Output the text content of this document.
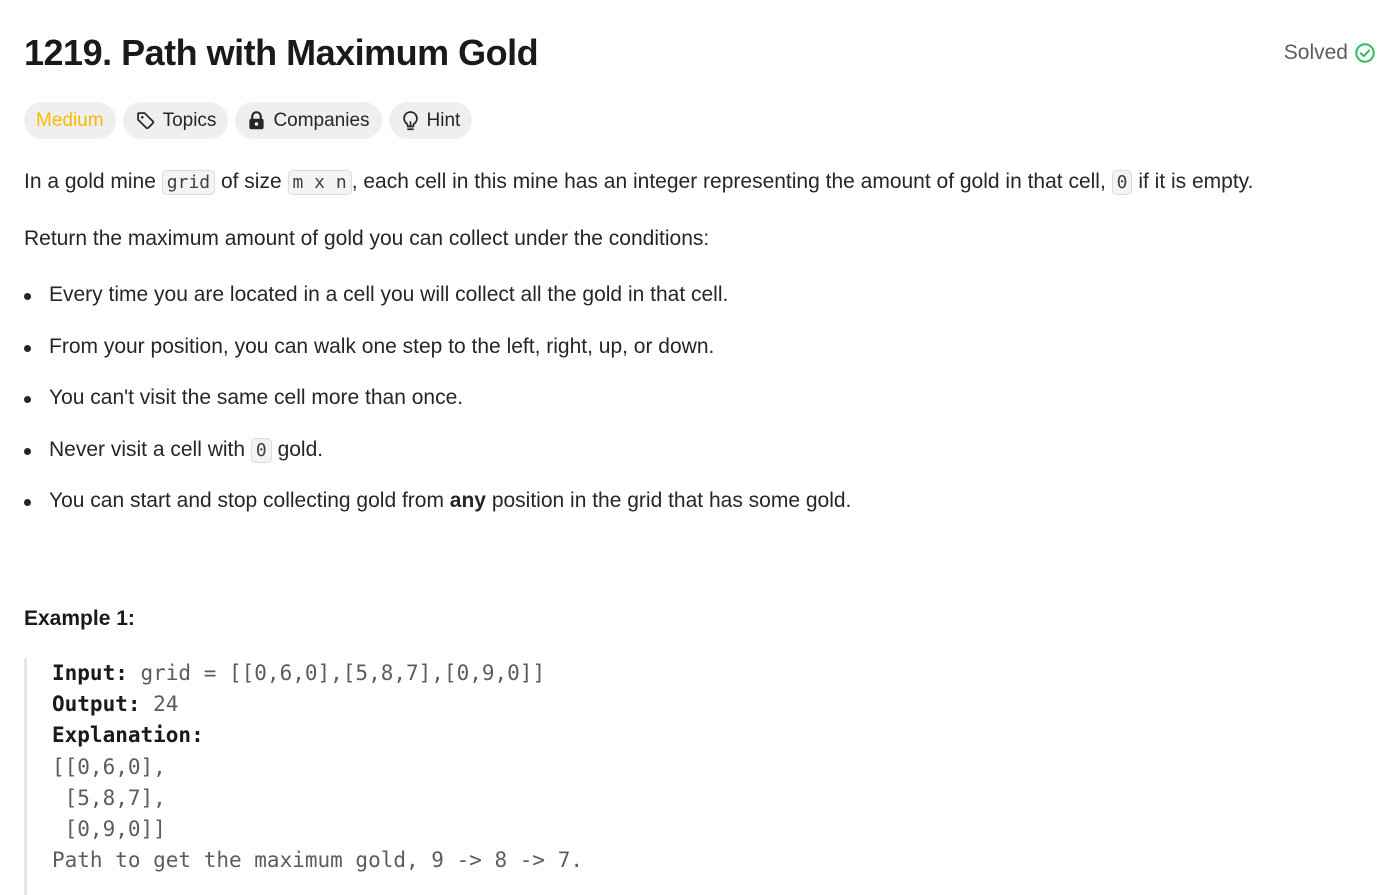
1219. Path with Maximum Gold	Solved
Medium	Topics	Companies	Hint

In a gold mine grid of size m x n , each cell in this mine has an integer representing the amount of gold in that cell, 0 if it is empty.

Return the maximum amount of gold you can collect under the conditions:

Every time you are located in a cell you will collect all the gold in that cell.
From your position, you can walk one step to the left, right, up, or down.
You can't visit the same cell more than once.
Never visit a cell with 0 gold.
You can start and stop collecting gold from any position in the grid that has some gold.
Example 1:
Input: grid = [[0,6,0],[5,8,7],[0,9,0]]
Output: 24
Explanation:
[[0,6,0],
[5,8,7],
[0,9,0]]
Path to get the maximum gold, 9 -> 8 -> 7.
